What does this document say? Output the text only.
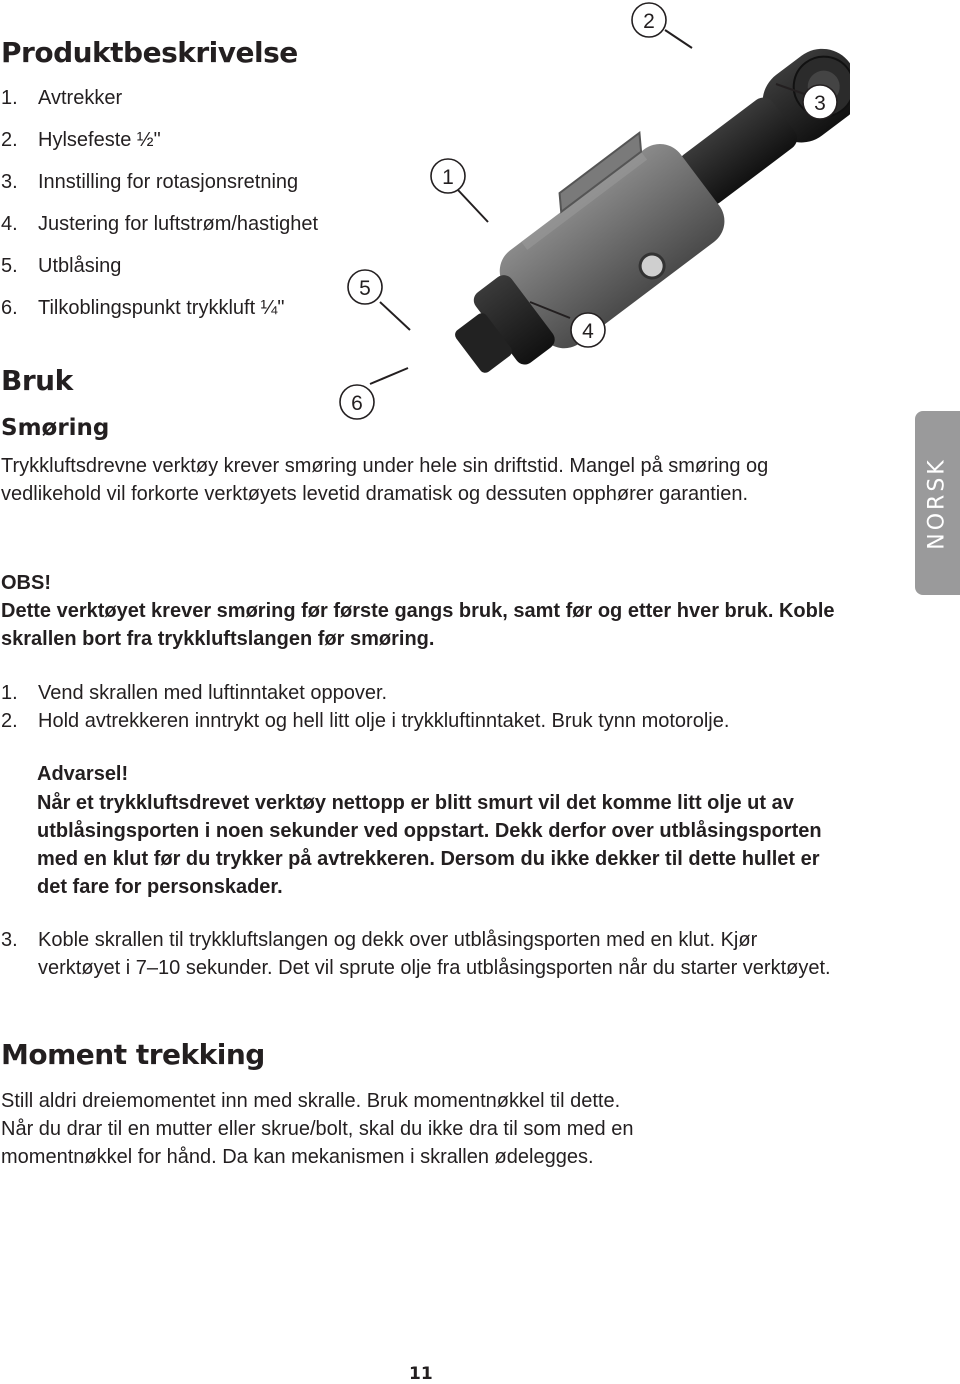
Produktbeskrivelse
1.	Avtrekker
2.	Hylsefeste ½"
3.	Innstilling for rotasjonsretning
4.	Justering for luftstrøm/hastighet
5.	Utblåsing
6.	Tilkoblingspunkt trykkluft ¼"
1
2
3
4
5
6
Bruk
Smøring

Trykkluftsdrevne verktøy krever smøring under hele sin driftstid. Mangel på smøring og vedlikehold vil forkorte verktøyets levetid dramatisk og dessuten opphører garantien.

OBS!

Dette verktøyet krever smøring før første gangs bruk, samt før og etter hver bruk. Koble skrallen bort fra trykkluftslangen før smøring.

1.	Vend skrallen med luftinntaket oppover.
2.	Hold avtrekkeren inntrykt og hell litt olje i trykkluftinntaket. Bruk tynn motorolje.
Advarsel!

Når et trykkluftsdrevet verktøy nettopp er blitt smurt vil det komme litt olje ut av utblåsingsporten i noen sekunder ved oppstart. Dekk derfor over utblåsingsporten med en klut før du trykker på avtrekkeren. Dersom du ikke dekker til dette hullet er det fare for personskader.

3.	Koble skrallen til trykkluftslangen og dekk over utblåsingsporten med en klut. Kjør verktøyet i 7–10 sekunder. Det vil sprute olje fra utblåsingsporten når du starter verktøyet.
Moment trekking

Still aldri dreiemomentet inn med skralle. Bruk momentnøkkel til dette.

Når du drar til en mutter eller skrue/bolt, skal du ikke dra til som med en momentnøkkel for hånd. Da kan mekanismen i skrallen ødelegges.

NORSK
11
